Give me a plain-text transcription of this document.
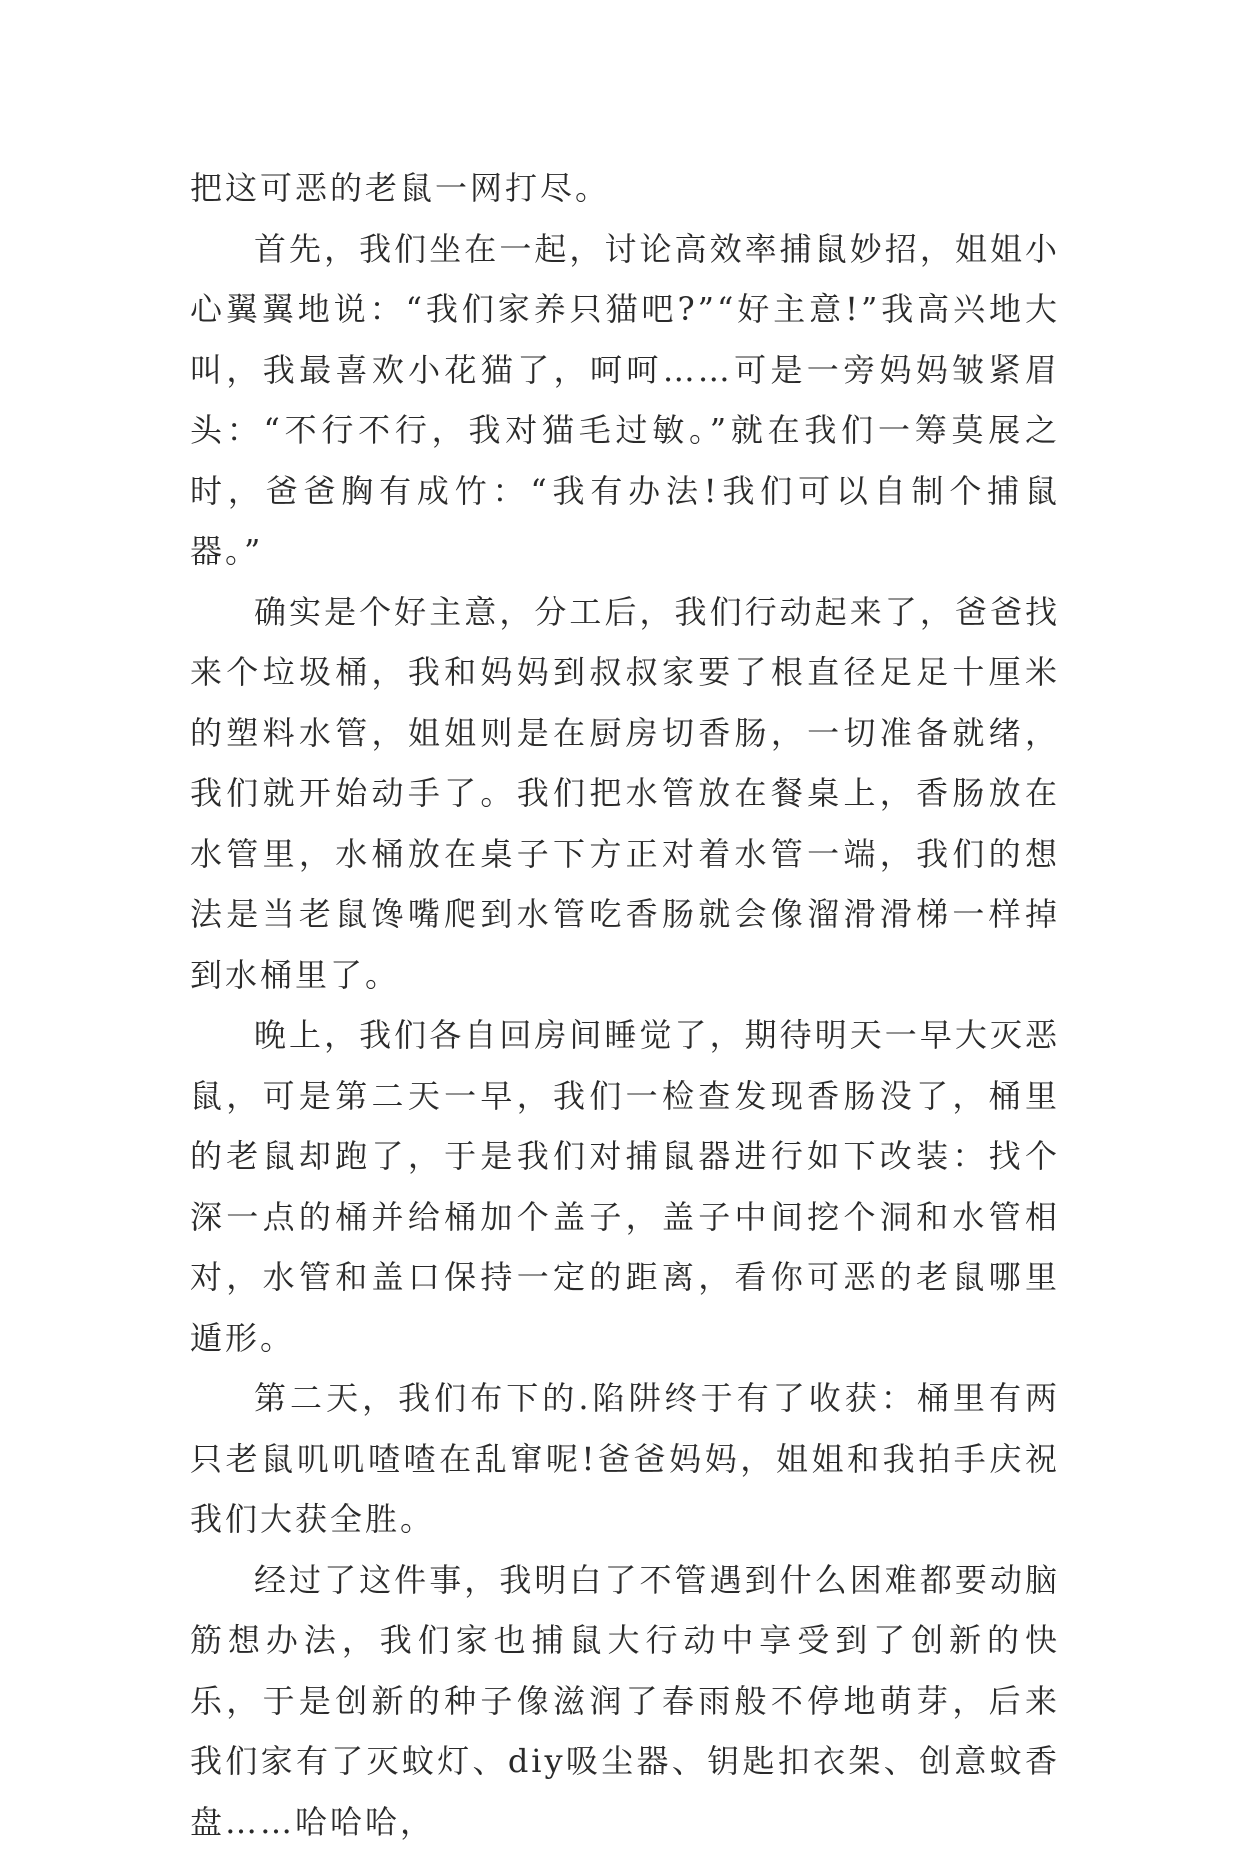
把这可恶的老鼠一网打尽。

首先，我们坐在一起，讨论高效率捕鼠妙招，姐姐小心翼翼地说：“我们家养只猫吧?”“好主意!”我高兴地大叫，我最喜欢小花猫了，呵呵……可是一旁妈妈皱紧眉头：“不行不行，我对猫毛过敏。”就在我们一筹莫展之时，爸爸胸有成竹：“我有办法!我们可以自制个捕鼠器。”

确实是个好主意，分工后，我们行动起来了，爸爸找来个垃圾桶，我和妈妈到叔叔家要了根直径足足十厘米的塑料水管，姐姐则是在厨房切香肠，一切准备就绪，我们就开始动手了。我们把水管放在餐桌上，香肠放在水管里，水桶放在桌子下方正对着水管一端，我们的想法是当老鼠馋嘴爬到水管吃香肠就会像溜滑滑梯一样掉到水桶里了。

晚上，我们各自回房间睡觉了，期待明天一早大灭恶鼠，可是第二天一早，我们一检查发现香肠没了，桶里的老鼠却跑了，于是我们对捕鼠器进行如下改装：找个深一点的桶并给桶加个盖子，盖子中间挖个洞和水管相对，水管和盖口保持一定的距离，看你可恶的老鼠哪里遁形。

第二天，我们布下的.陷阱终于有了收获：桶里有两只老鼠叽叽喳喳在乱窜呢!爸爸妈妈，姐姐和我拍手庆祝我们大获全胜。

经过了这件事，我明白了不管遇到什么困难都要动脑筋想办法，我们家也捕鼠大行动中享受到了创新的快乐，于是创新的种子像滋润了春雨般不停地萌芽，后来我们家有了灭蚊灯、diy吸尘器、钥匙扣衣架、创意蚊香盘……哈哈哈，
